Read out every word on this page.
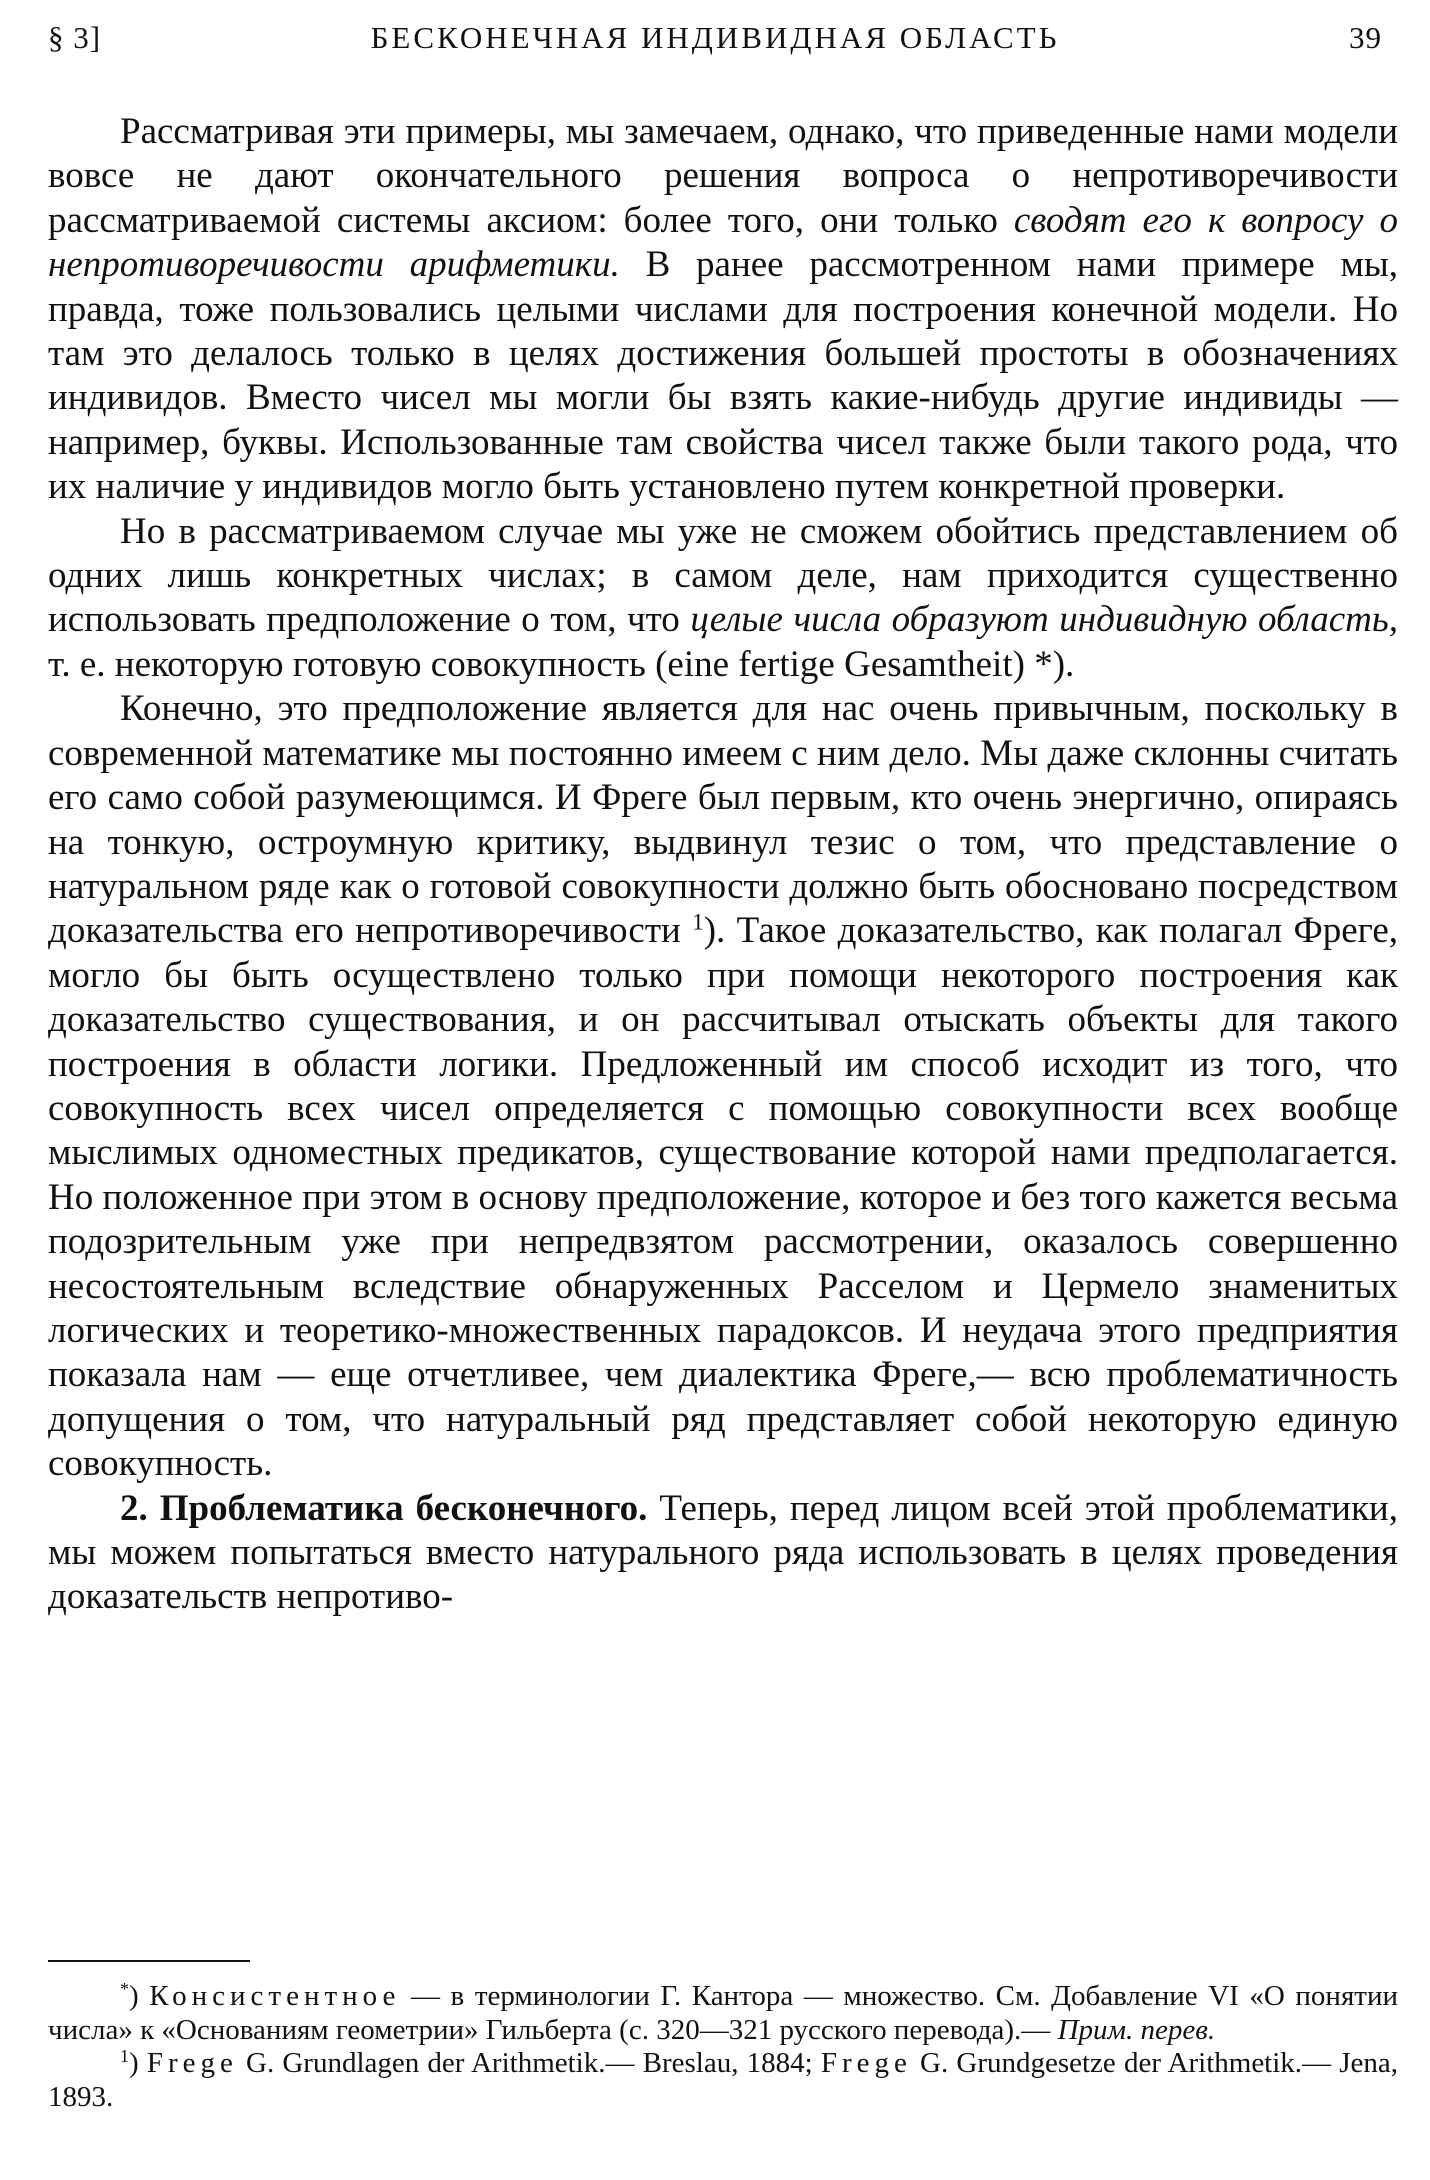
БЕСКОНЕЧНАЯ ИНДИВИДНАЯ ОБЛАСТЬ
§ 3]	39

Рассматривая эти примеры, мы замечаем, однако, что приведенные нами модели вовсе не дают окончательного решения вопроса о непротиворечивости рассматриваемой системы аксиом: более того, они только сводят его к вопросу о непротиворечивости арифметики. В ранее рассмотренном нами примере мы, правда, тоже пользовались целыми числами для построения конечной модели. Но там это делалось только в целях достижения большей простоты в обозначениях индивидов. Вместо чисел мы могли бы взять какие-нибудь другие индивиды — например, буквы. Использованные там свойства чисел также были такого рода, что их наличие у индивидов могло быть установлено путем конкретной проверки.

Но в рассматриваемом случае мы уже не сможем обойтись представлением об одних лишь конкретных числах; в самом деле, нам приходится существенно использовать предположение о том, что целые числа образуют индивидную область, т. е. некоторую готовую совокупность (eine fertige Gesamtheit) *).

Конечно, это предположение является для нас очень привычным, поскольку в современной математике мы постоянно имеем с ним дело. Мы даже склонны считать его само собой разумеющимся. И Фреге был первым, кто очень энергично, опираясь на тонкую, остроумную критику, выдвинул тезис о том, что представление о натуральном ряде как о готовой совокупности должно быть обосновано посредством доказательства его непротиворечивости $^1$). Такое доказательство, как полагал Фреге, могло бы быть осуществлено только при помощи некоторого построения как доказательство существования, и он рассчитывал отыскать объекты для такого построения в области логики. Предложенный им способ исходит из того, что совокупность всех чисел определяется с помощью совокупности всех вообще мыслимых одноместных предикатов, существование которой нами предполагается. Но положенное при этом в основу предположение, которое и без того кажется весьма подозрительным уже при непредвзятом рассмотрении, оказалось совершенно несостоятельным вследствие обнаруженных Расселом и Цермело знаменитых логических и теоретико-множественных парадоксов. И неудача этого предприятия показала нам — еще отчетливее, чем диалектика Фреге,— всю проблематичность допущения о том, что натуральный ряд представляет собой некоторую единую совокупность.

2. Проблематика бесконечного. Теперь, перед лицом всей этой проблематики, мы можем попытаться вместо натурального ряда использовать в целях проведения доказательств непротиво-

*) Консистентное — в терминологии Г. Кантора — множество. См. Добавление VI «О понятии числа» к «Основаниям геометрии» Гильберта (с. 320—321 русского перевода).— Прим. перев.

$^1$) Frege G. Grundlagen der Arithmetik.— Breslau, 1884; Frege G. Grundgesetze der Arithmetik.— Jena, 1893.
